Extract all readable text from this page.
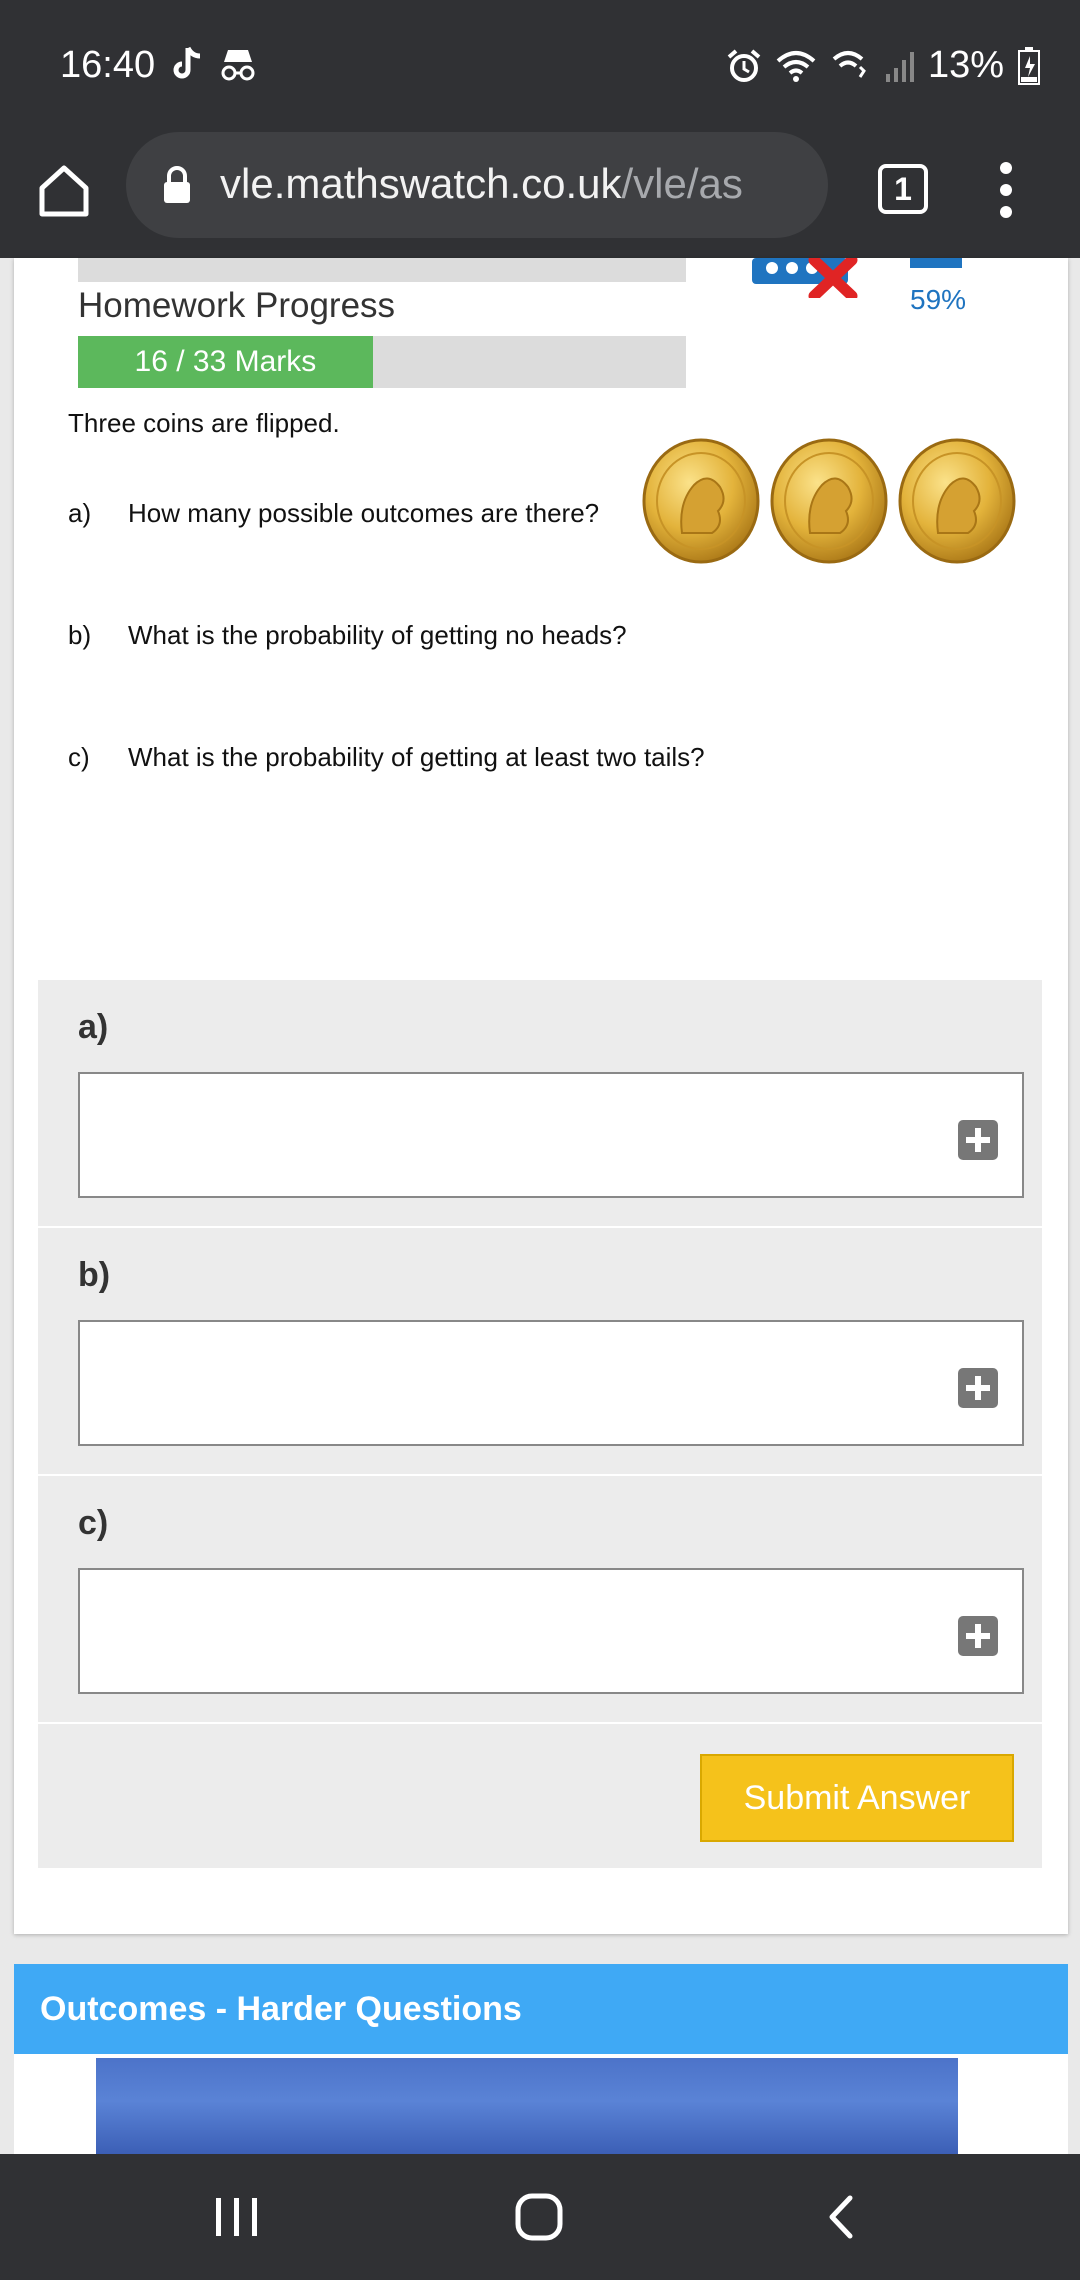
16:40	13%
vle.mathswatch.co.uk/vle/as	1
Homework Progress
16 / 33 Marks
59%
Three coins are flipped.
a) How many possible outcomes are there?
b) What is the probability of getting no heads?
c) What is the probability of getting at least two tails?
a)
b)
c)
Submit Answer
Outcomes - Harder Questions
